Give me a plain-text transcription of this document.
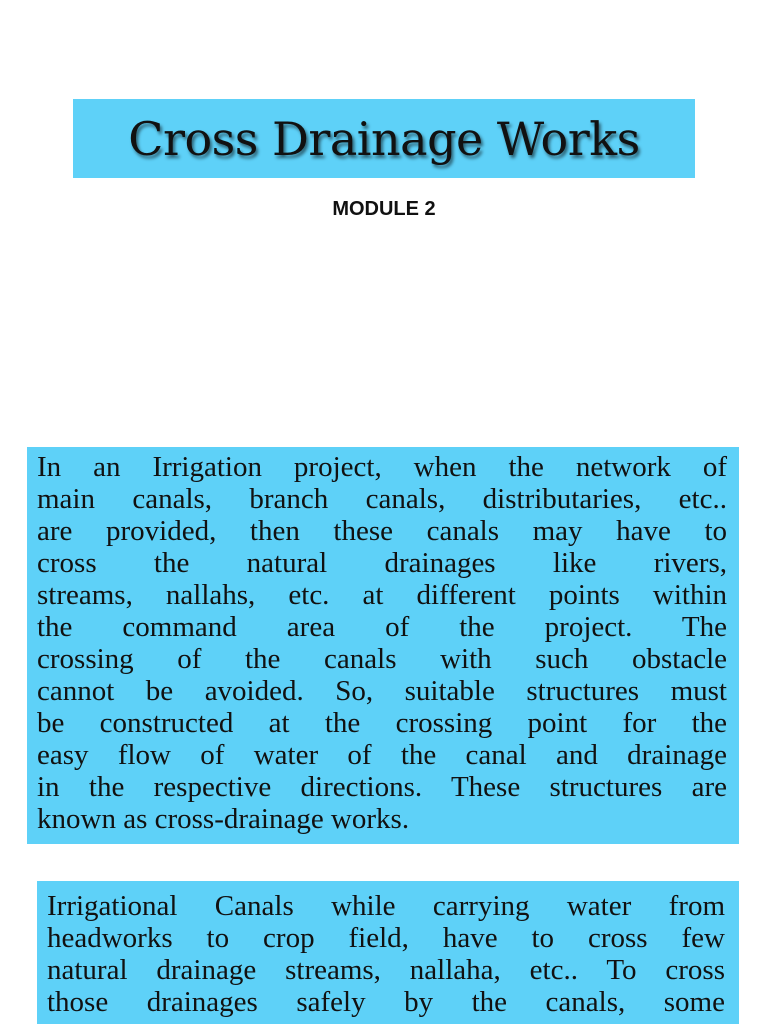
Cross Drainage Works
MODULE 2
In an Irrigation project, when the network of
main canals, branch canals, distributaries, etc..
are provided, then these canals may have to
cross the natural drainages like rivers,
streams, nallahs, etc. at different points within
the command area of the project. The
crossing of the canals with such obstacle
cannot be avoided. So, suitable structures must
be constructed at the crossing point for the
easy flow of water of the canal and drainage
in the respective directions. These structures are
known as cross-drainage works.
Irrigational Canals while carrying water from
headworks to crop field, have to cross few
natural drainage streams, nallaha, etc.. To cross
those drainages safely by the canals, some
